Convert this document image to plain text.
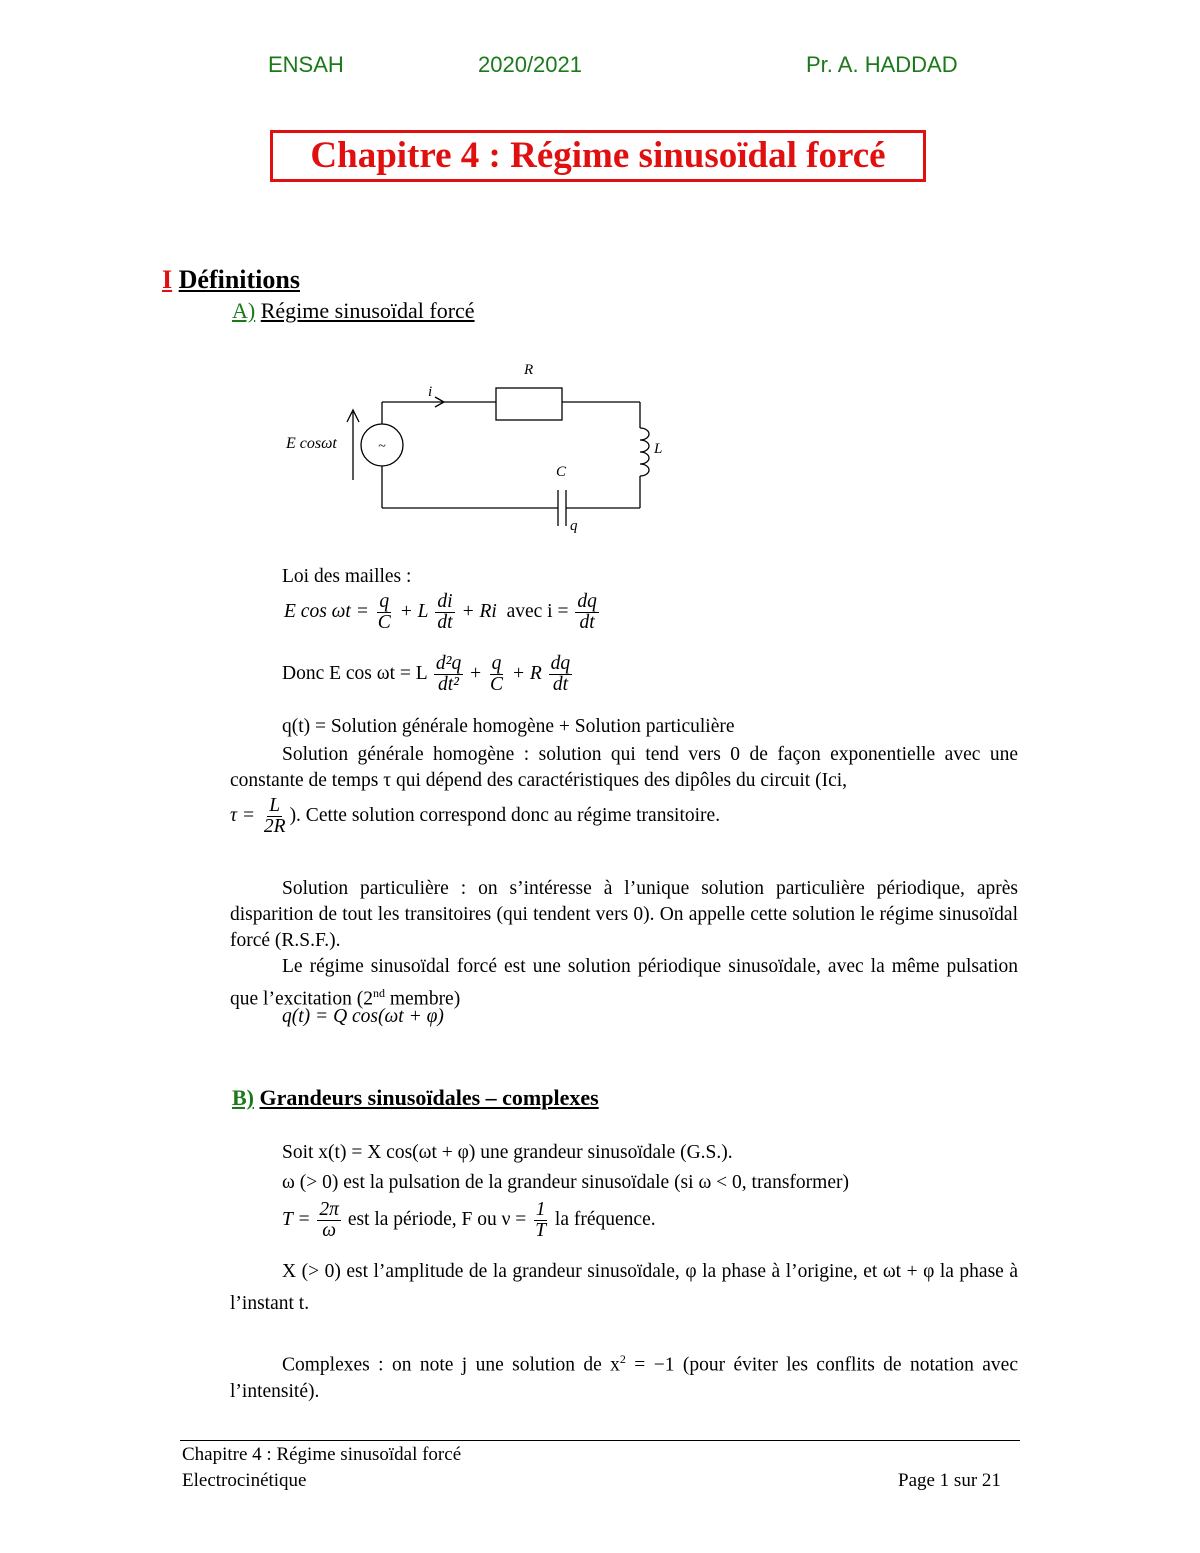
ENSAH	2020/2021	Pr. A. HADDAD
Chapitre 4 : Régime sinusoïdal forcé
I Définitions
A) Régime sinusoïdal forcé
~
E cosωt
i
R
L
C
q
Loi des mailles :
E $\cos \omega t = \frac{q}{C} + L \frac{di}{dt} + Ri$ avec $i = \frac{dq}{dt}$
Donc E cos ωt = L $\frac{\text{d²q}}{\text{dt²}} + \frac{q}{C} + R \frac{dq}{dt}$
q(t) = Solution générale homogène + Solution particulière
Solution générale homogène : solution qui tend vers 0 de façon exponentielle avec une constante de temps τ qui dépend des caractéristiques des dipôles du circuit (Ici,
$\tau = \frac{L}{2R}$ ). Cette solution correspond donc au régime transitoire.
Solution particulière : on s’intéresse à l’unique solution particulière périodique, après disparition de tout les transitoires (qui tendent vers 0). On appelle cette solution le régime sinusoïdal forcé (R.S.F.).
Le régime sinusoïdal forcé est une solution périodique sinusoïdale, avec la même pulsation que l’excitation (2nd membre)
q(t) = Q cos(ωt + φ)
B) Grandeurs sinusoïdales – complexes
Soit x(t) = X cos(ωt + φ) une grandeur sinusoïdale (G.S.).
ω (> 0) est la pulsation de la grandeur sinusoïdale (si ω < 0, transformer)
$T = \frac{2\pi}{\omega}$ est la période, F ou $\nu = \frac{1}{T}$ la fréquence.
X (> 0) est l’amplitude de la grandeur sinusoïdale, φ la phase à l’origine, et ωt + φ la phase à l’instant t.
Complexes : on note j une solution de $x^2 = -1$ (pour éviter les conflits de notation avec l’intensité).
Chapitre 4 : Régime sinusoïdal forcé
Electrocinétique	Page 1 sur 21
